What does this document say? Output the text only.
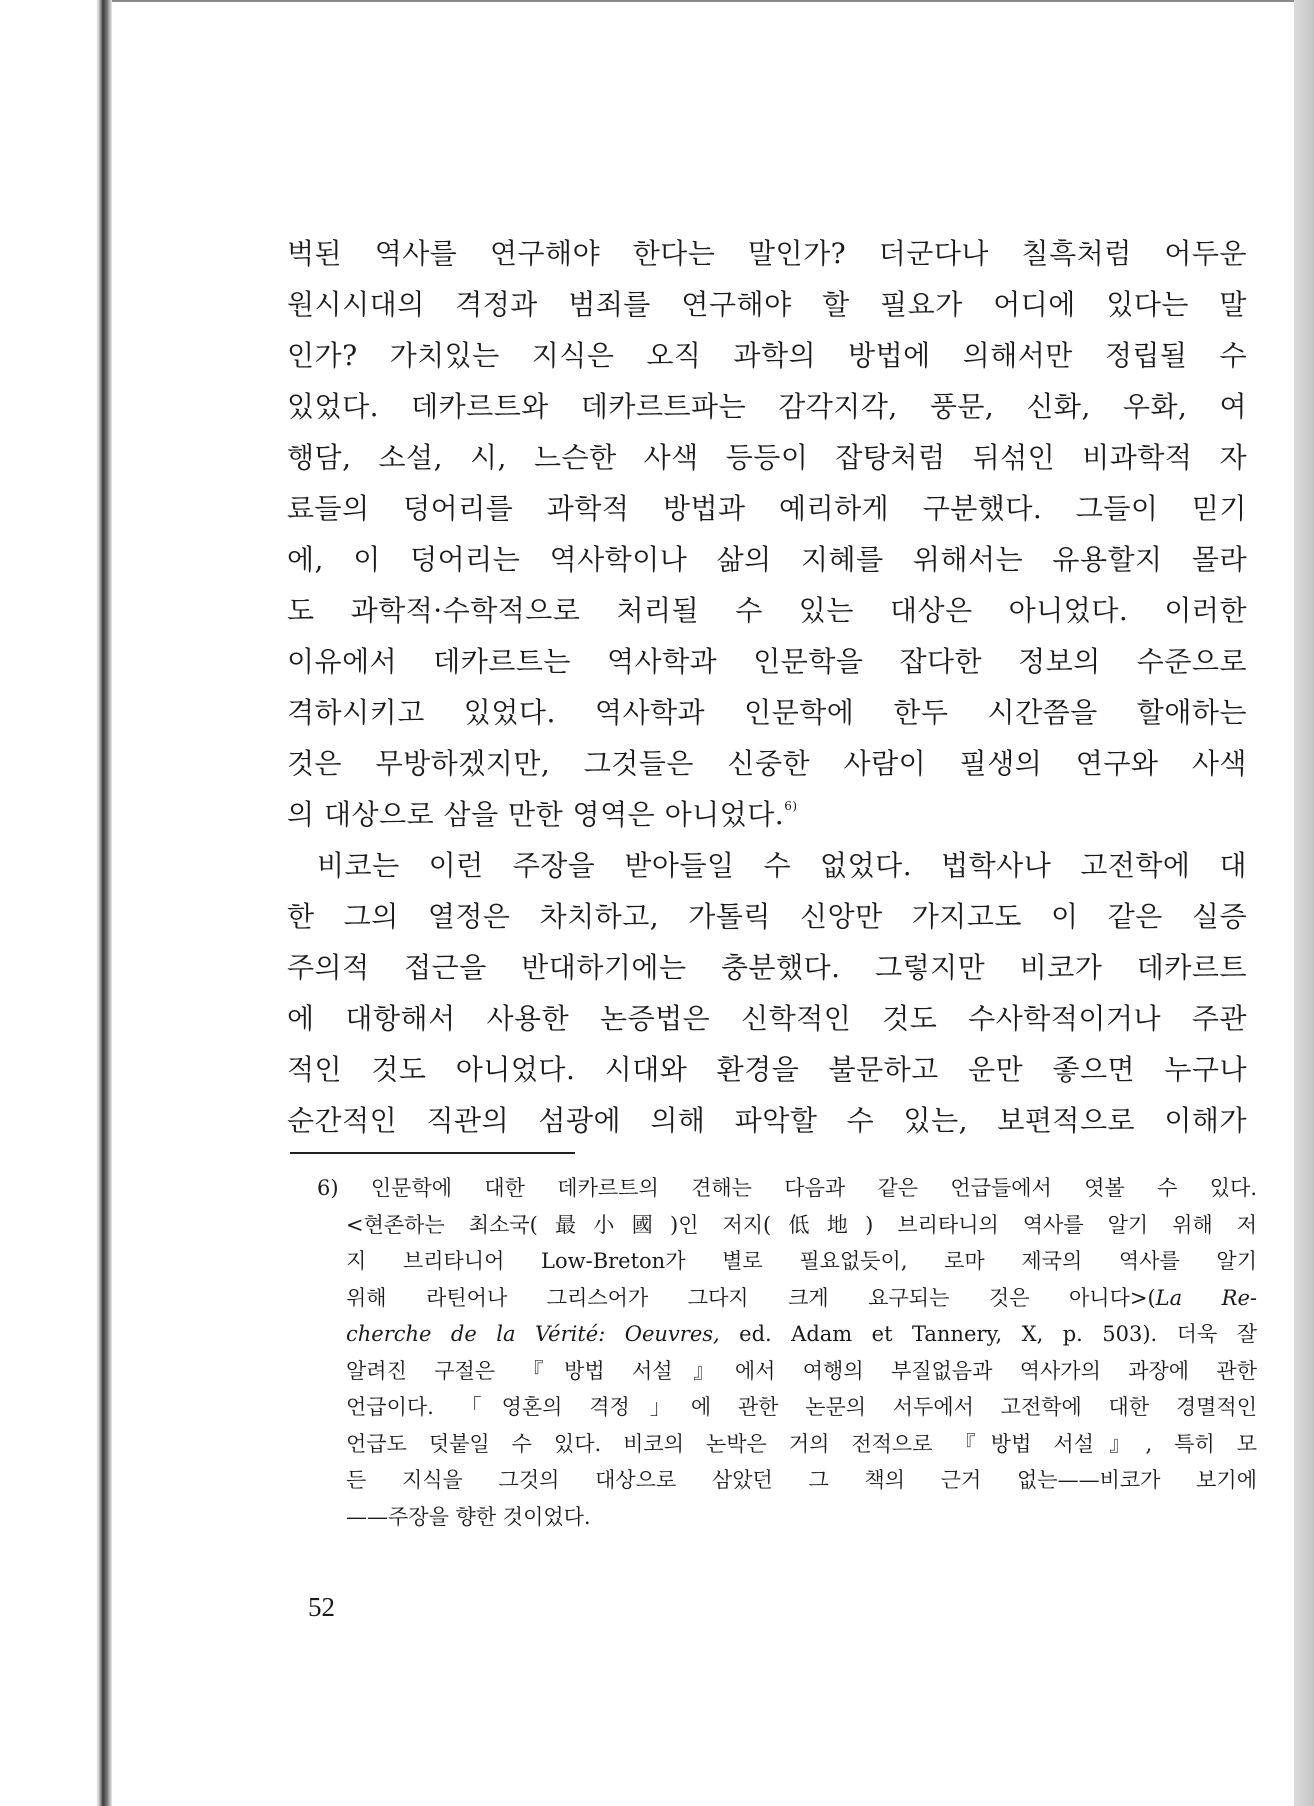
벅된 역사를 연구해야 한다는 말인가? 더군다나 칠흑처럼 어두운
원시시대의 격정과 범죄를 연구해야 할 필요가 어디에 있다는 말
인가? 가치있는 지식은 오직 과학의 방법에 의해서만 정립될 수
있었다. 데카르트와 데카르트파는 감각지각, 풍문, 신화, 우화, 여
행담, 소설, 시, 느슨한 사색 등등이 잡탕처럼 뒤섞인 비과학적 자
료들의 덩어리를 과학적 방법과 예리하게 구분했다. 그들이 믿기
에, 이 덩어리는 역사학이나 삶의 지혜를 위해서는 유용할지 몰라
도 과학적·수학적으로 처리될 수 있는 대상은 아니었다. 이러한
이유에서 데카르트는 역사학과 인문학을 잡다한 정보의 수준으로
격하시키고 있었다. 역사학과 인문학에 한두 시간쯤을 할애하는
것은 무방하겠지만, 그것들은 신중한 사람이 필생의 연구와 사색
의 대상으로 삼을 만한 영역은 아니었다.$^{6)}$
비코는 이런 주장을 받아들일 수 없었다. 법학사나 고전학에 대
한 그의 열정은 차치하고, 가톨릭 신앙만 가지고도 이 같은 실증
주의적 접근을 반대하기에는 충분했다. 그렇지만 비코가 데카르트
에 대항해서 사용한 논증법은 신학적인 것도 수사학적이거나 주관
적인 것도 아니었다. 시대와 환경을 불문하고 운만 좋으면 누구나
순간적인 직관의 섬광에 의해 파악할 수 있는, 보편적으로 이해가
6) 인문학에 대한 데카르트의 견해는 다음과 같은 언급들에서 엿볼 수 있다.
<현존하는 최소국(最小國)인 저지(低地) 브리타니의 역사를 알기 위해 저
지 브리타니어 Low-Breton가 별로 필요없듯이, 로마 제국의 역사를 알기
위해 라틴어나 그리스어가 그다지 크게 요구되는 것은 아니다>(La Re-
cherche de la Vérité: Oeuvres, ed. Adam et Tannery, X, p. 503). 더욱 잘
알려진 구절은 『방법 서설』에서 여행의 부질없음과 역사가의 과장에 관한
언급이다. 「영혼의 격정」에 관한 논문의 서두에서 고전학에 대한 경멸적인
언급도 덧붙일 수 있다. 비코의 논박은 거의 전적으로 『방법 서설』, 특히 모
든 지식을 그것의 대상으로 삼았던 그 책의 근거 없는——비코가 보기에
——주장을 향한 것이었다.
52
